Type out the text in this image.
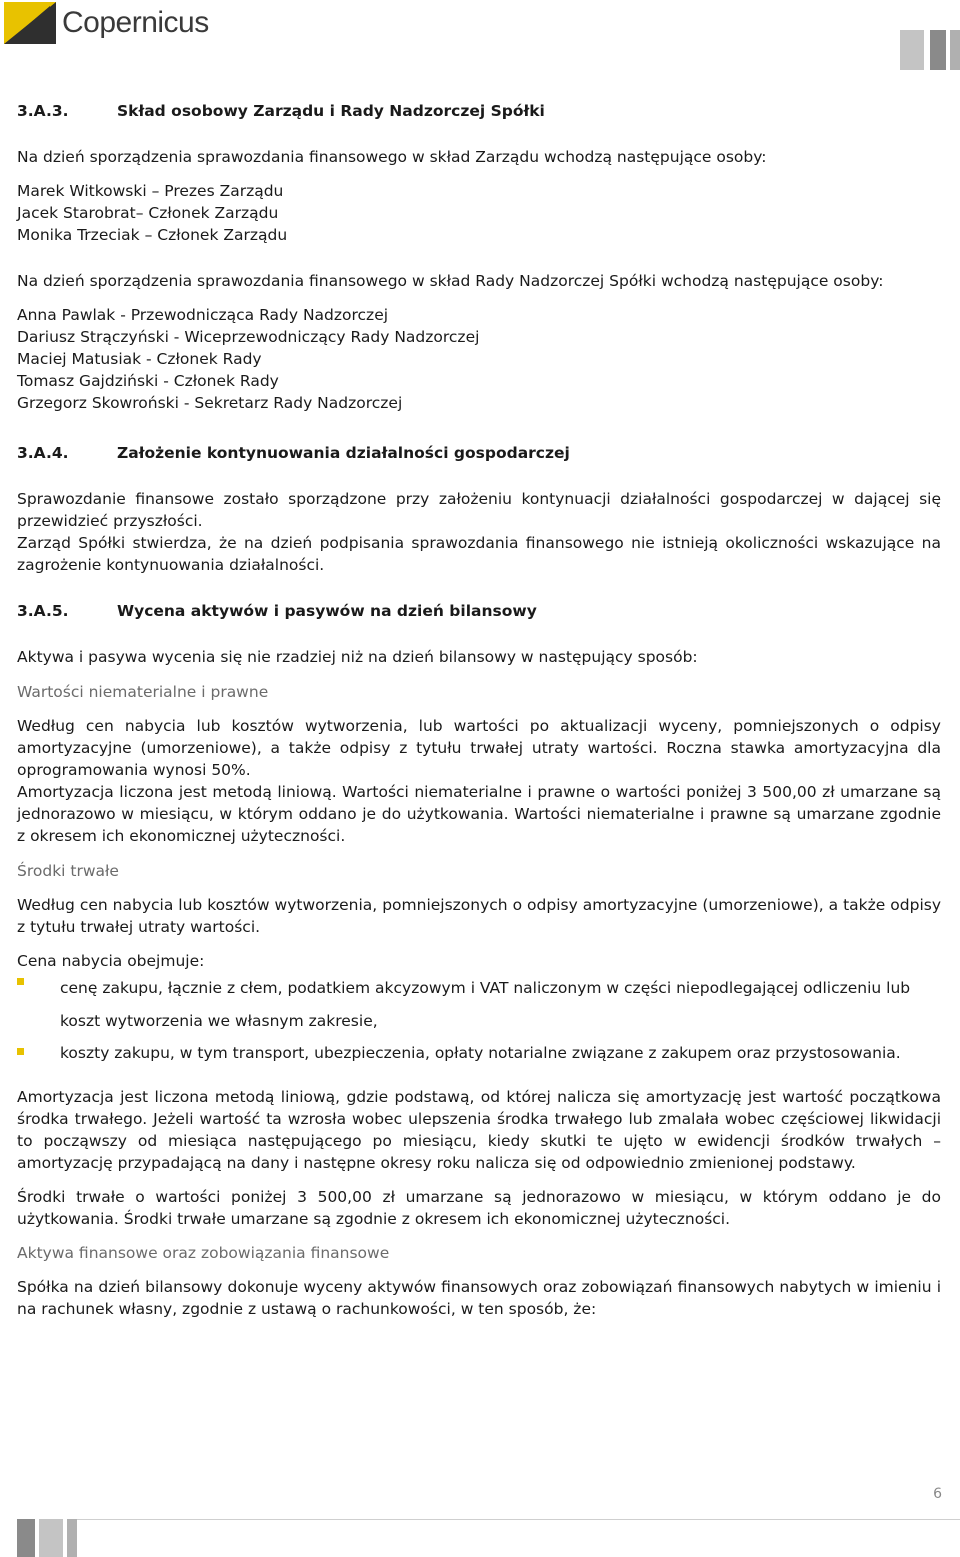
Copernicus
3.A.3.	Skład osobowy Zarządu i Rady Nadzorczej Spółki

Na dzień sporządzenia sprawozdania finansowego w skład Zarządu wchodzą następujące osoby:

Marek Witkowski – Prezes Zarządu

Jacek Starobrat– Członek Zarządu

Monika Trzeciak – Członek Zarządu

Na dzień sporządzenia sprawozdania finansowego w skład Rady Nadzorczej Spółki wchodzą następujące osoby:

Anna Pawlak - Przewodnicząca Rady Nadzorczej

Dariusz Strączyński - Wiceprzewodniczący Rady Nadzorczej

Maciej Matusiak - Członek Rady

Tomasz Gajdziński - Członek Rady

Grzegorz Skowroński - Sekretarz Rady Nadzorczej

3.A.4.	Założenie kontynuowania działalności gospodarczej

Sprawozdanie finansowe zostało sporządzone przy założeniu kontynuacji działalności gospodarczej w dającej się przewidzieć przyszłości.

Zarząd Spółki stwierdza, że na dzień podpisania sprawozdania finansowego nie istnieją okoliczności wskazujące na zagrożenie kontynuowania działalności.

3.A.5.	Wycena aktywów i pasywów na dzień bilansowy

Aktywa i pasywa wycenia się nie rzadziej niż na dzień bilansowy w następujący sposób:

Wartości niematerialne i prawne

Według cen nabycia lub kosztów wytworzenia, lub wartości po aktualizacji wyceny, pomniejszonych o odpisy amortyzacyjne (umorzeniowe), a także odpisy z tytułu trwałej utraty wartości. Roczna stawka amortyzacyjna dla oprogramowania wynosi 50%.

Amortyzacja liczona jest metodą liniową. Wartości niematerialne i prawne o wartości poniżej 3 500,00 zł umarzane są jednorazowo w miesiącu, w którym oddano je do użytkowania. Wartości niematerialne i prawne są umarzane zgodnie z okresem ich ekonomicznej użyteczności.

Środki trwałe

Według cen nabycia lub kosztów wytworzenia, pomniejszonych o odpisy amortyzacyjne (umorzeniowe), a także odpisy z tytułu trwałej utraty wartości.

Cena nabycia obejmuje:

cenę zakupu, łącznie z cłem, podatkiem akcyzowym i VAT naliczonym w części niepodlegającej odliczeniu lub koszt wytworzenia we własnym zakresie,
koszty zakupu, w tym transport, ubezpieczenia, opłaty notarialne związane z zakupem oraz przystosowania.

Amortyzacja jest liczona metodą liniową, gdzie podstawą, od której nalicza się amortyzację jest wartość początkowa środka trwałego. Jeżeli wartość ta wzrosła wobec ulepszenia środka trwałego lub zmalała wobec częściowej likwidacji to począwszy od miesiąca następującego po miesiącu, kiedy skutki te ujęto w ewidencji środków trwałych – amortyzację przypadającą na dany i następne okresy roku nalicza się od odpowiednio zmienionej podstawy.

Środki trwałe o wartości poniżej 3 500,00 zł umarzane są jednorazowo w miesiącu, w którym oddano je do użytkowania. Środki trwałe umarzane są zgodnie z okresem ich ekonomicznej użyteczności.

Aktywa finansowe oraz zobowiązania finansowe

Spółka na dzień bilansowy dokonuje wyceny aktywów finansowych oraz zobowiązań finansowych nabytych w imieniu i na rachunek własny, zgodnie z ustawą o rachunkowości, w ten sposób, że:

6
